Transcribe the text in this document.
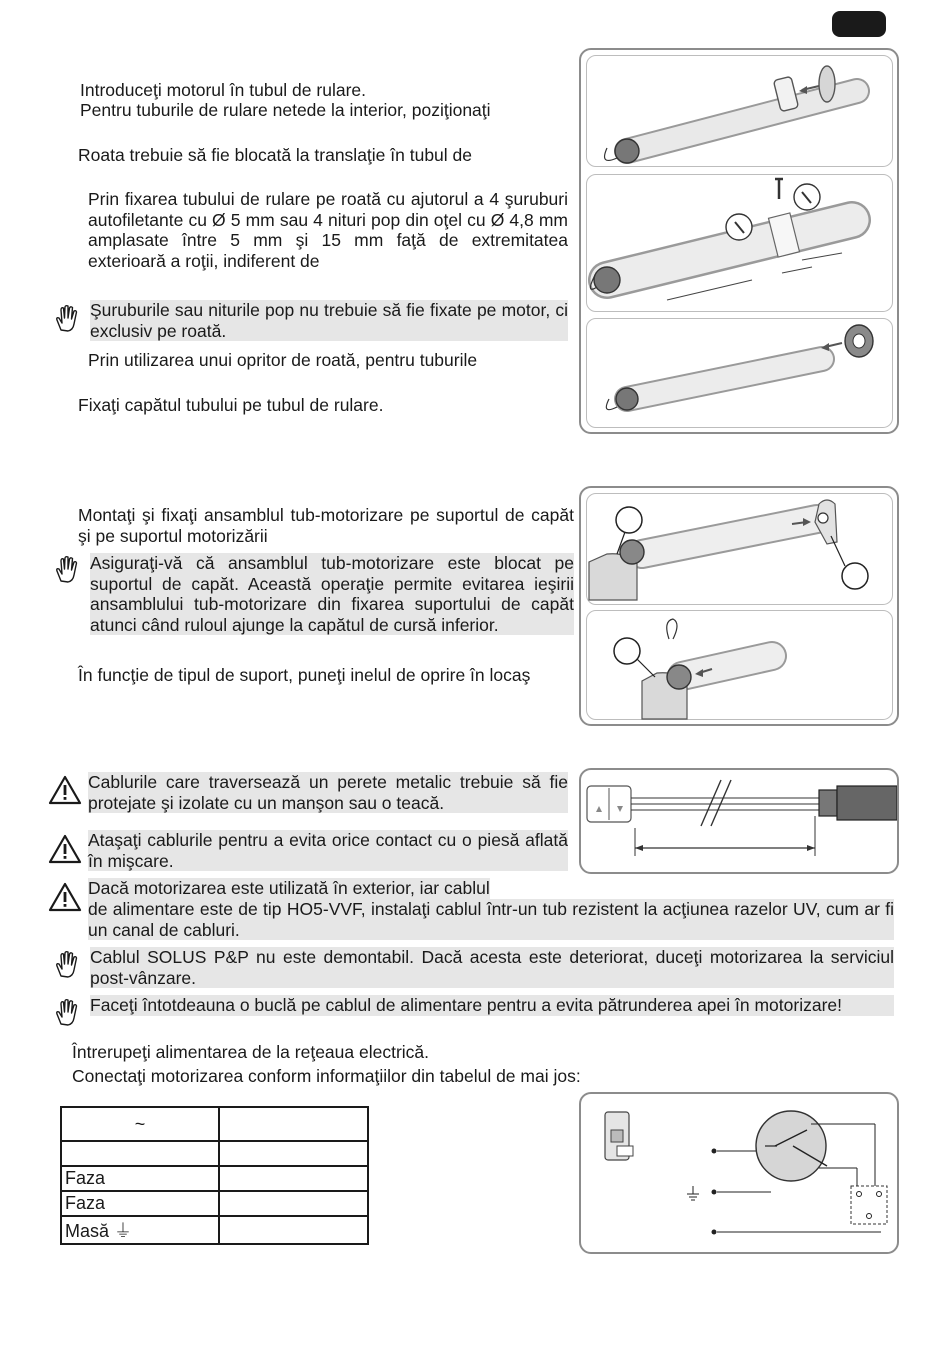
Introduceţi motorul în tubul de rulare.
Pentru tuburile de rulare netede la interior, poziţionaţi
Roata trebuie să fie blocată la translaţie în tubul de
Prin fixarea tubului de rulare pe roată cu ajutorul a 4 şuruburi autofiletante cu Ø 5 mm sau 4 nituri pop din oţel cu Ø 4,8 mm amplasate între 5 mm şi 15 mm faţă de extremitatea exterioară a roţii, indiferent de
Şuruburile sau niturile pop nu trebuie să fie fixate pe motor, ci exclusiv pe roată.
Prin utilizarea unui opritor de roată, pentru tuburile
Fixaţi capătul tubului pe tubul de rulare.
Montaţi şi fixaţi ansamblul tub-motorizare pe suportul de capăt şi pe suportul motorizării
Asiguraţi-vă că ansamblul tub-motorizare este blocat pe suportul de capăt. Această operaţie permite evitarea ieşirii ansamblului tub-motorizare din fixarea suportului de capăt atunci când ruloul ajunge la capătul de cursă inferior.
În funcţie de tipul de suport, puneţi inelul de oprire în locaş
Cablurile care traversează un perete metalic trebuie să fie protejate şi izolate cu un manşon sau o teacă.
Ataşaţi cablurile pentru a evita orice contact cu o piesă aflată în mişcare.
Dacă motorizarea este utilizată în exterior, iar cablul
de alimentare este de tip HO5-VVF, instalaţi cablul într-un tub rezistent la acţiunea razelor UV, cum ar fi un canal de cabluri.
Cablul SOLUS P&P nu este demontabil. Dacă acesta este deteriorat, duceţi motorizarea la serviciul post-vânzare.
Faceţi întotdeauna o buclă pe cablul de alimentare pentru a evita pătrunderea apei în motorizare!
Întrerupeţi alimentarea de la reţeaua electrică.
Conectaţi motorizarea conform informaţiilor din tabelul de mai jos:
~	

Faza	
Faza	
Masă ⏚	
